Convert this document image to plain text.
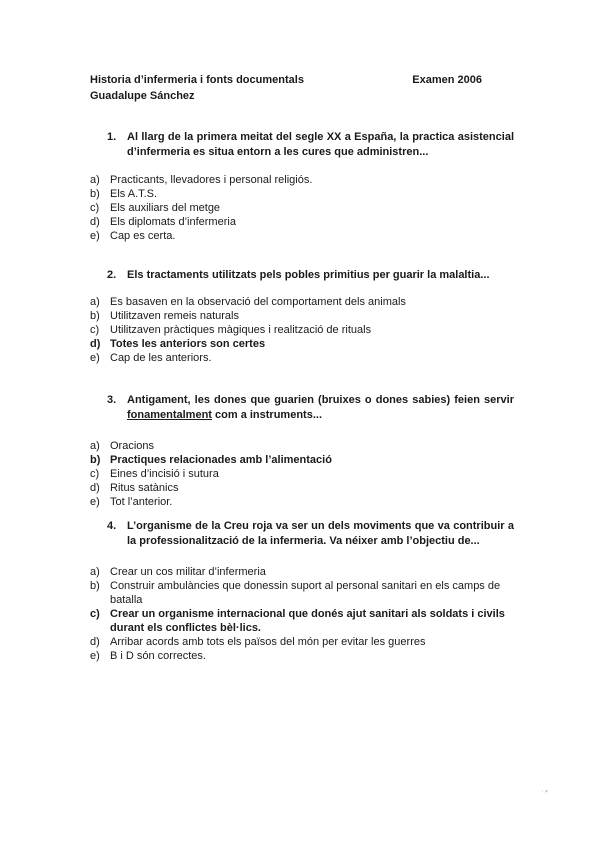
Historia d’infermeria i fonts documentals	Examen 2006
Guadalupe Sánchez
1. Al llarg de la primera meitat del segle XX a España, la practica asistencial d’infermeria es situa entorn a les cures que administren...
a) Practicants, llevadores i personal religiós.
b) Els A.T.S.
c) Els auxiliars del metge
d) Els diplomats d’infermeria
e) Cap es certa.
2. Els tractaments utilitzats pels pobles primitius per guarir la malaltia...
a) Es basaven en la observació del comportament dels animals
b) Utilitzaven remeis naturals
c) Utilitzaven pràctiques màgiques i realització de rituals
d) Totes les anteriors son certes
e) Cap de les anteriors.
3. Antigament, les dones que guarien (bruixes o dones sabies) feien servir fonamentalment com a instruments...
a) Oracions
b) Practiques relacionades amb l’alimentació
c) Eines d’incisió i sutura
d) Ritus satànics
e) Tot l’anterior.
4. L’organisme de la Creu roja va ser un dels moviments que va contribuir a la professionalització de la infermeria. Va néixer amb l’objectiu de...
a) Crear un cos militar d’infermeria
b) Construir ambulàncies que donessin suport al personal sanitari en els camps de batalla
c) Crear un organisme internacional que donés ajut sanitari als soldats i civils durant els conflictes bèl·lics.
d) Arribar acords amb tots els països del món per evitar les guerres
e) B i D són correctes.
· ⸗
